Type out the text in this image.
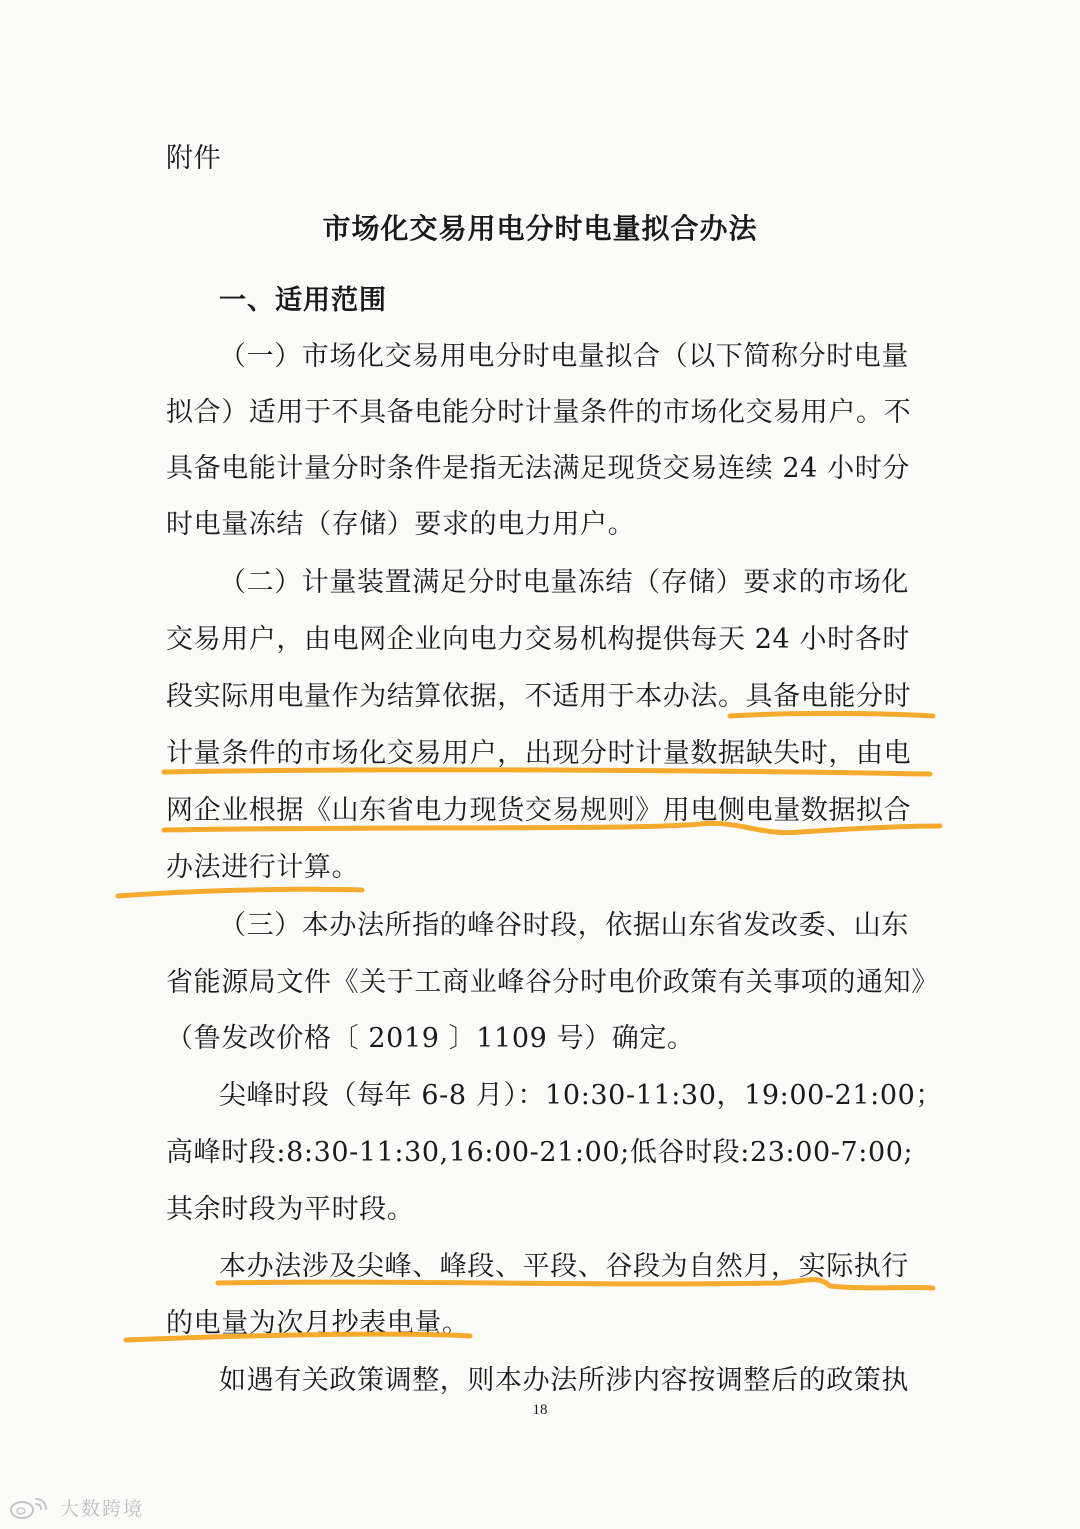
附件
市场化交易用电分时电量拟合办法
一、适用范围
（一）市场化交易用电分时电量拟合（以下简称分时电量
拟合）适用于不具备电能分时计量条件的市场化交易用户。不
具备电能计量分时条件是指无法满足现货交易连续 24 小时分
时电量冻结（存储）要求的电力用户。
（二）计量装置满足分时电量冻结（存储）要求的市场化
交易用户，由电网企业向电力交易机构提供每天 24 小时各时
段实际用电量作为结算依据，不适用于本办法。具备电能分时
计量条件的市场化交易用户，出现分时计量数据缺失时，由电
网企业根据《山东省电力现货交易规则》用电侧电量数据拟合
办法进行计算。
（三）本办法所指的峰谷时段，依据山东省发改委、山东
省能源局文件《关于工商业峰谷分时电价政策有关事项的通知》
（鲁发改价格〔 2019 〕1109 号）确定。
尖峰时段（每年 6-8 月）：10:30-11:30，19:00-21:00；
高峰时段:8:30-11:30,16:00-21:00;低谷时段:23:00-7:00;
其余时段为平时段。
本办法涉及尖峰、峰段、平段、谷段为自然月，实际执行
的电量为次月抄表电量。
如遇有关政策调整，则本办法所涉内容按调整后的政策执
18
大数跨境
